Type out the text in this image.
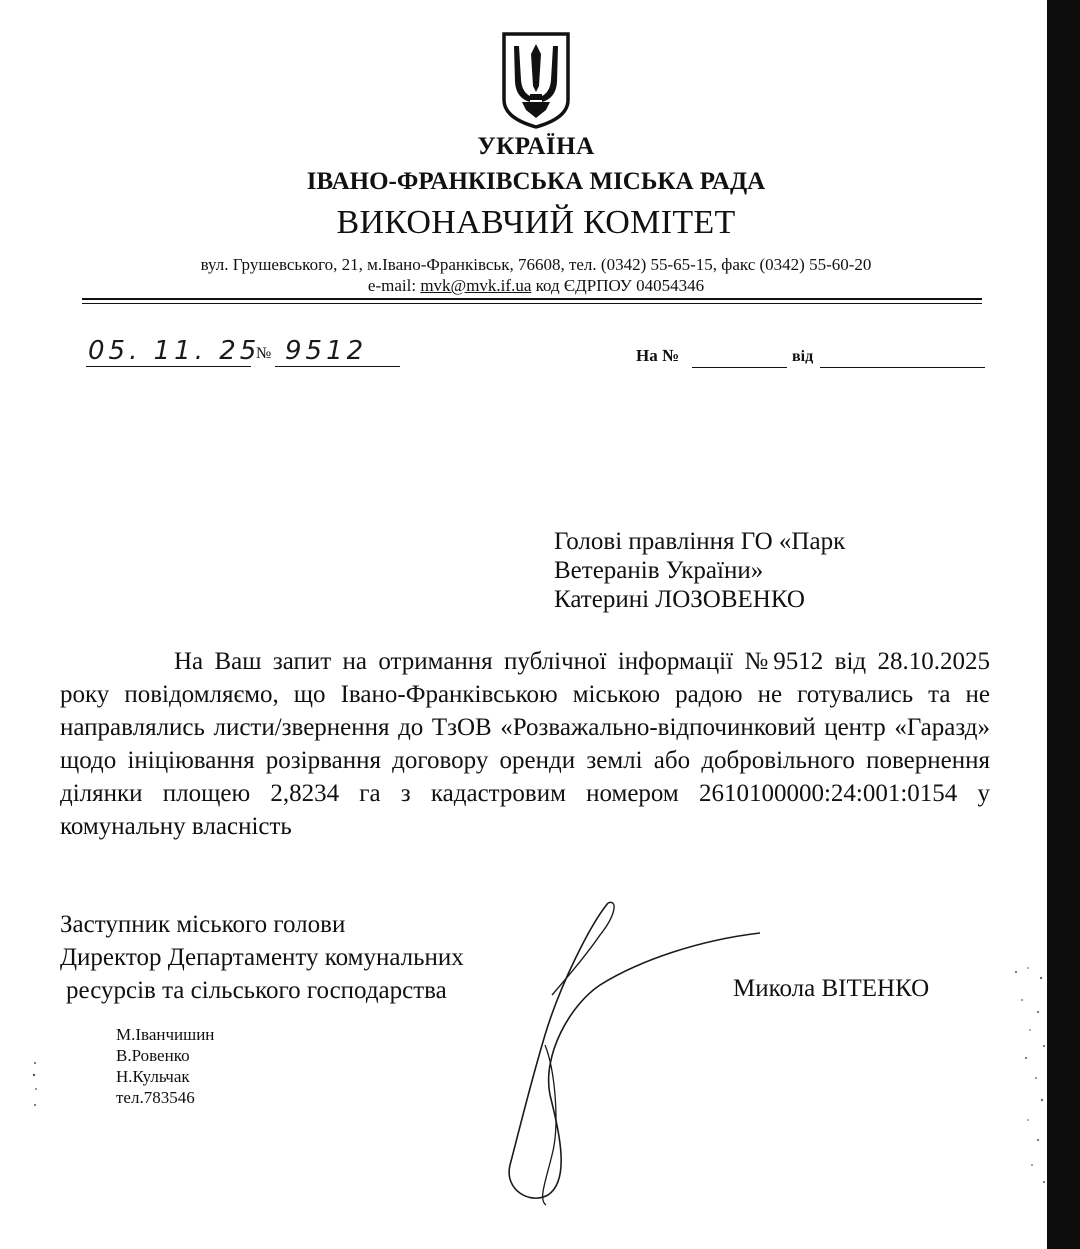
УКРАЇНА
ІВАНО-ФРАНКІВСЬКА МІСЬКА РАДА
ВИКОНАВЧИЙ КОМІТЕТ
вул. Грушевського, 21, м.Івано-Франківськ, 76608, тел. (0342) 55-65-15, факс (0342) 55-60-20
e-mail: mvk@mvk.if.ua код ЄДРПОУ 04054346
05. 11. 25
№ 9512	На №	від
Голові правління ГО «Парк
Ветеранів України»
Катерині ЛОЗОВЕНКО
На Ваш запит на отримання публічної інформації №9512 від 28.10.2025 року повідомляємо, що Івано-Франківською міською радою не готувались та не направлялись листи/звернення до ТзОВ «Розважально-відпочинковий центр «Гаразд» щодо ініціювання розірвання договору оренди землі або добровільного повернення ділянки площею 2,8234 га з кадастровим номером 2610100000:24:001:0154 у комунальну власність
Заступник міського голови
Директор Департаменту комунальних
ресурсів та сільського господарства	Микола ВІТЕНКО
М.Іванчишин
В.Ровенко
Н.Кульчак
тел.783546
